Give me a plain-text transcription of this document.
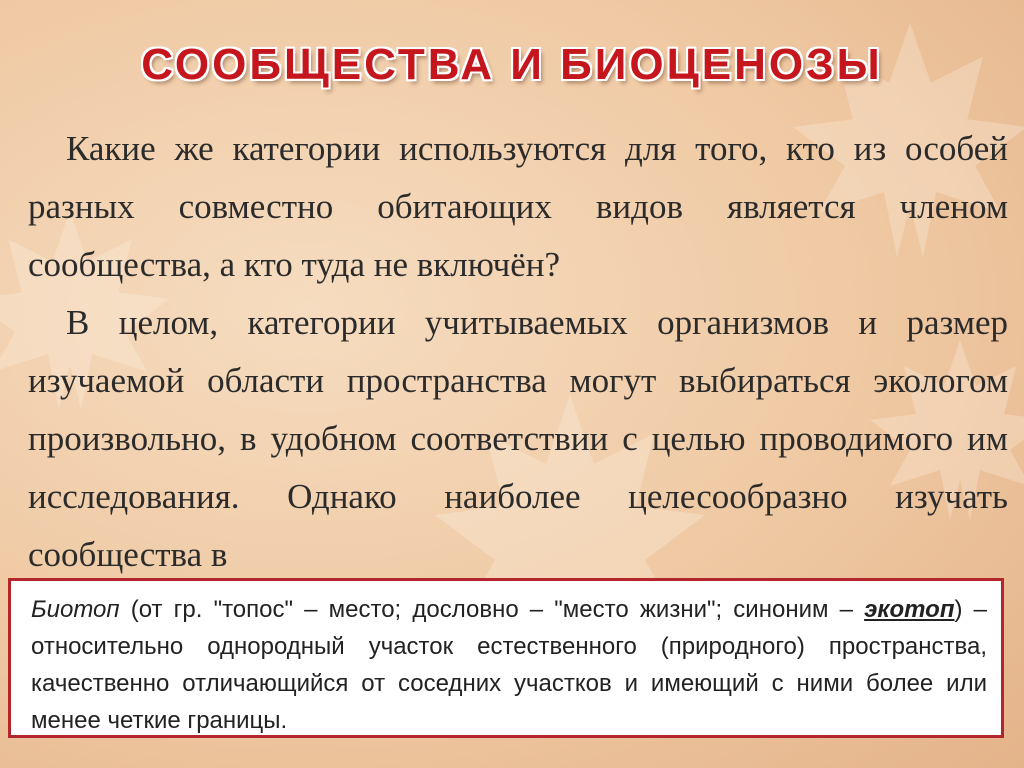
СООБЩЕСТВА И БИОЦЕНОЗЫ

Какие же категории используются для того, кто из особей разных совместно обитающих видов является членом сообщества, а кто туда не включён?

В целом, категории учитываемых организмов и размер изучаемой области пространства могут выбираться экологом произвольно, в удобном соответствии с целью проводимого им исследования. Однако наиболее целесообразно изучать сообщества в

Биотоп (от гр. "топос" – место; дословно – "место жизни"; синоним – экотоп) – относительно однородный участок естественного (природного) пространства, качественно отличающийся от соседних участков и имеющий с ними более или менее четкие границы.
